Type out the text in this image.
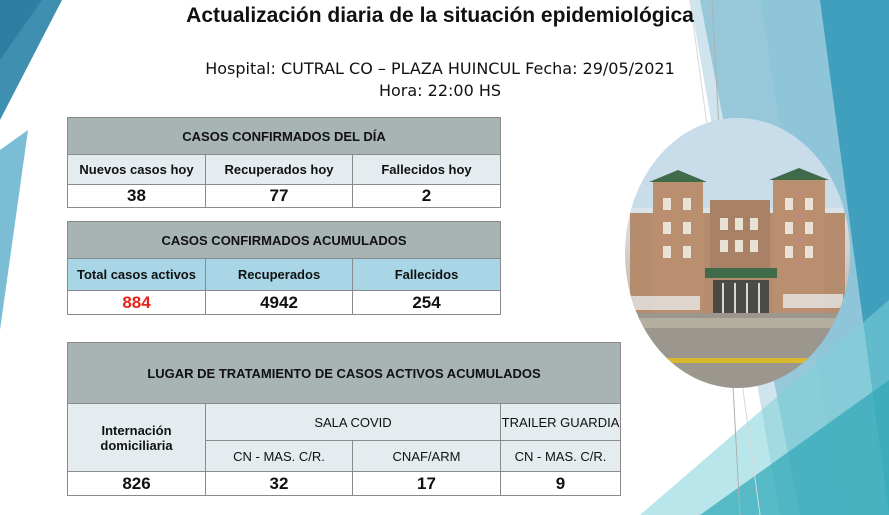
Actualización diaria de la situación epidemiológica
Hospital: CUTRAL CO – PLAZA HUINCUL Fecha: 29/05/2021
Hora: 22:00 HS
CASOS CONFIRMADOS DEL DÍA		
Nuevos casos hoy	Recuperados hoy	Fallecidos hoy
38	77	2
CASOS CONFIRMADOS ACUMULADOS		
Total casos activos	Recuperados	Fallecidos
884	4942	254
LUGAR DE TRATAMIENTO DE CASOS ACTIVOS ACUMULADOS			
Internación domiciliaria	SALA COVID		TRAILER GUARDIA
	CN - MAS. C/R.	CNAF/ARM	CN - MAS. C/R.
826	32	17	9
